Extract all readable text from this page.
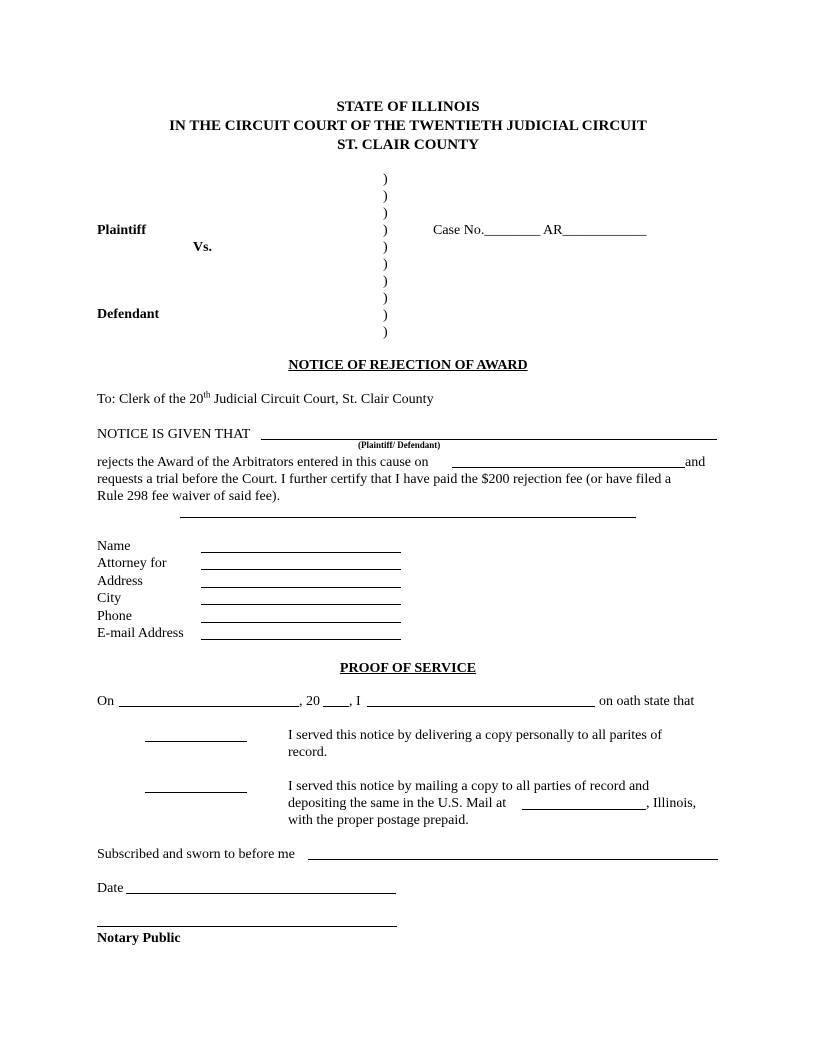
STATE OF ILLINOIS
IN THE CIRCUIT COURT OF THE TWENTIETH JUDICIAL CIRCUIT
ST. CLAIR COUNTY
)
)
)
)
)
)
)
)
)
)
Plaintiff
Vs.
Defendant
Case No.________ AR____________
NOTICE OF REJECTION OF AWARD
To: Clerk of the 20th Judicial Circuit Court, St. Clair County
NOTICE IS GIVEN THAT
(Plaintiff/ Defendant)
rejects the Award of the Arbitrators entered in this cause on	and
requests a trial before the Court. I further certify that I have paid the $200 rejection fee (or have filed a
Rule 298 fee waiver of said fee).
Name
Attorney for
Address
City
Phone
E-mail Address
PROOF OF SERVICE
On	, 20 , I	on oath state that
I served this notice by delivering a copy personally to all parites of
record.
I served this notice by mailing a copy to all parties of record and
depositing the same in the U.S. Mail at	, Illinois,
with the proper postage prepaid.
Subscribed and sworn to before me
Date
Notary Public
